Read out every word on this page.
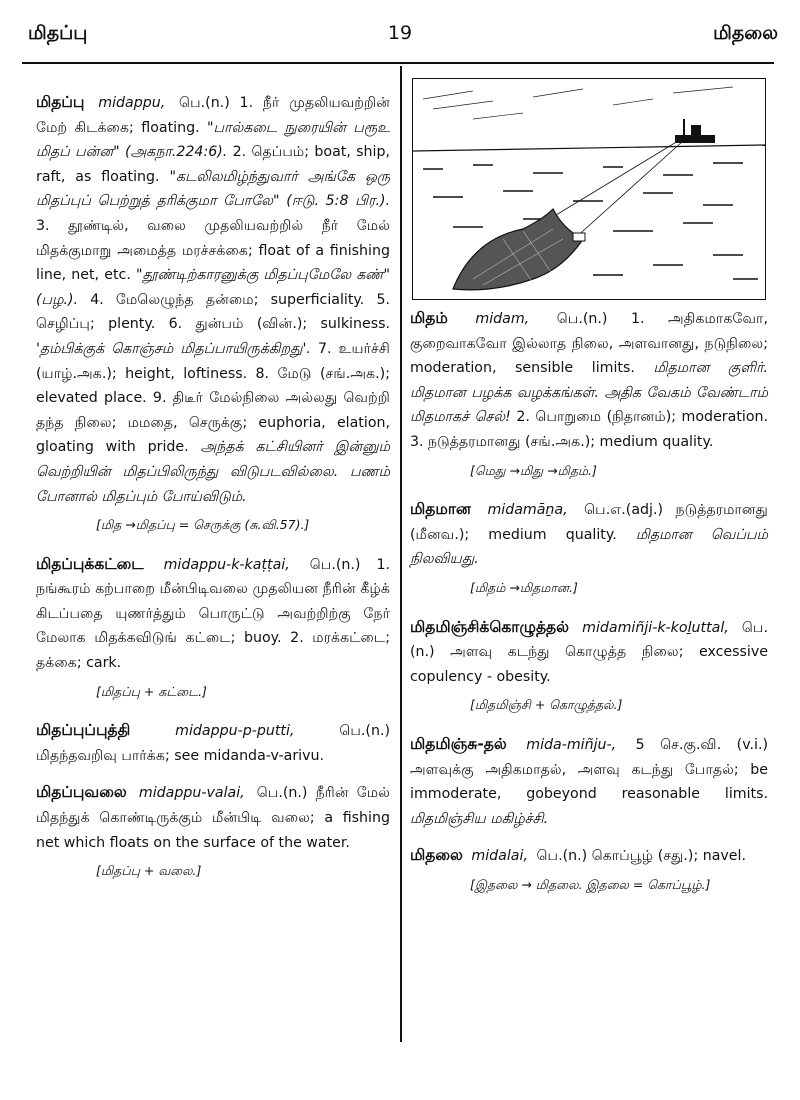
மிதப்பு	19	மிதலை
மிதப்பு midappu, பெ.(n.) 1. நீர் முதலியவற்றின் மேற் கிடக்கை; floating. "பால்கடை நுரையின் பரூஉ மிதப் பன்ன" (அகநா.224:6). 2. தெப்பம்; boat, ship, raft, as floating. "கடலிலமிழ்ந்துவார் அங்கே ஒரு மிதப்புப் பெற்றுத் தரிக்குமா போலே" (ஈடு. 5:8 பிர.). 3. தூண்டில், வலை முதலியவற்றில் நீர் மேல் மிதக்குமாறு அமைத்த மரச்சக்கை; float of a finishing line, net, etc. "தூண்டிற்காரனுக்கு மிதப்புமேலே கண்" (பழ.). 4. மேலெழுந்த தன்மை; superficiality. 5. செழிப்பு; plenty. 6. துன்பம் (வின்.); sulkiness. 'தம்பிக்குக் கொஞ்சம் மிதப்பாயிருக்கிறது'. 7. உயர்ச்சி (யாழ்.அக.); height, loftiness. 8. மேடு (சங்.அக.); elevated place. 9. திடீர் மேல்நிலை அல்லது வெற்றி தந்த நிலை; மமதை, செருக்கு; euphoria, elation, gloating with pride. அந்தக் கட்சியினர் இன்னும் வெற்றியின் மிதப்பிலிருந்து விடுபடவில்லை. பணம் போனால் மிதப்பும் போய்விடும்.
[மித →மிதப்பு = செருக்கு (சு.வி.57).]
மிதப்புக்கட்டை midappu-k-kaṭṭai, பெ.(n.) 1. நங்கூரம் கற்பாறை மீன்பிடிவலை முதலியன நீரின் கீழ்க் கிடப்பதை யுணர்த்தும் பொருட்டு அவற்றிற்கு நேர் மேலாக மிதக்கவிடுங் கட்டை; buoy. 2. மரக்கட்டை; தக்கை; cark.
[மிதப்பு + கட்டை.]
மிதப்புப்புத்தி	midappu-p-putti,	பெ.(n.) மிதந்தவறிவு பார்க்க; see midanda-v-arivu.
மிதப்புவலை midappu-valai, பெ.(n.) நீரின் மேல் மிதந்துக் கொண்டிருக்கும் மீன்பிடி வலை; a fishing net which floats on the surface of the water.
[மிதப்பு + வலை.]
மிதம் midam, பெ.(n.) 1. அதிகமாகவோ, குறைவாகவோ இல்லாத நிலை, அளவானது, நடுநிலை; moderation, sensible limits. மிதமான குளிர். மிதமான பழக்க வழக்கங்கள். அதிக வேகம் வேண்டாம் மிதமாகச் செல்! 2. பொறுமை (நிதானம்); moderation. 3. நடுத்தரமானது (சங்.அக.); medium quality.
[மெது →மிது →மிதம்.]
மிதமான midamāṉa, பெ.எ.(adj.) நடுத்தரமானது (மீனவ.); medium quality. மிதமான வெப்பம் நிலவியது.
[மிதம் →மிதமான.]
மிதமிஞ்சிக்கொழுத்தல் midamiñji-k-koḻuttal, பெ.(n.) அளவு கடந்து கொழுத்த நிலை; excessive copulency - obesity.
[மிதமிஞ்சி + கொழுத்தல்.]
மிதமிஞ்சு-தல் mida-miñju-, 5 செ.கு.வி. (v.i.) அளவுக்கு அதிகமாதல், அளவு கடந்து போதல்; be immoderate, gobeyond reasonable limits. மிதமிஞ்சிய மகிழ்ச்சி.
மிதலை midalai, பெ.(n.) கொப்பூழ் (சது.); navel.
[இதலை → மிதலை. இதலை = கொப்பூழ்.]
